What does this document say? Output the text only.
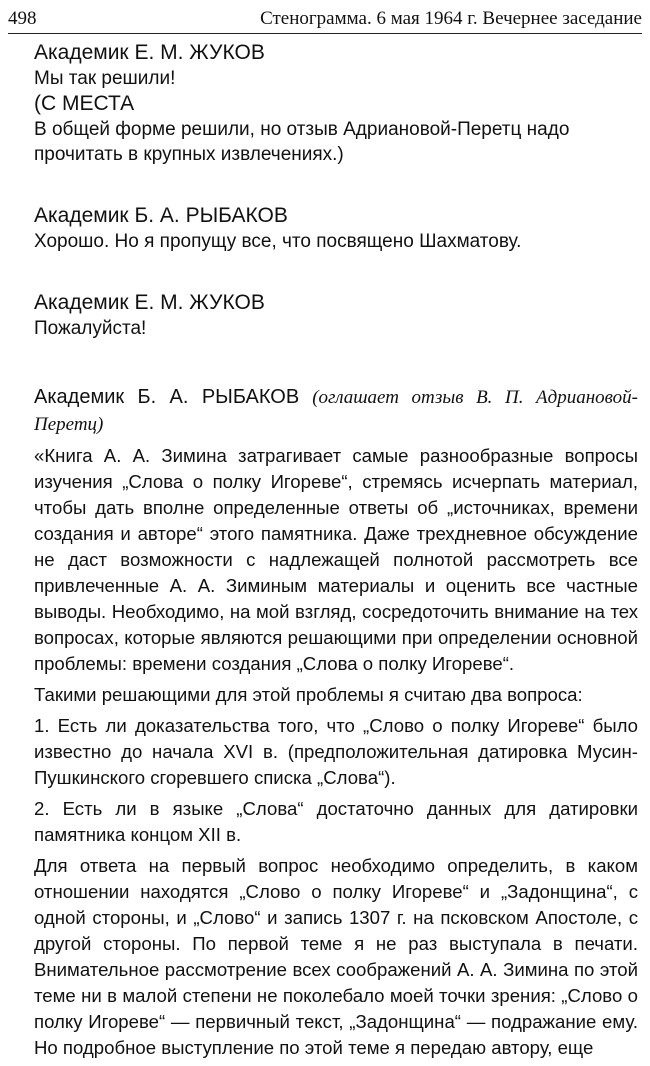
498	Стенограмма. 6 мая 1964 г. Вечернее заседание

Академик Е. М. ЖУКОВ

Мы так решили!

(С МЕСТА

В общей форме решили, но отзыв Адриановой-Перетц надо прочитать в крупных извлечениях.)

Академик Б. А. РЫБАКОВ

Хорошо. Но я пропущу все, что посвящено Шахматову.

Академик Е. М. ЖУКОВ

Пожалуйста!

Академик Б. А. РЫБАКОВ (оглашает отзыв В. П. Адриановой-Перетц)

«Книга А. А. Зимина затрагивает самые разнообразные вопросы изучения „Слова о полку Игореве“, стремясь исчерпать материал, чтобы дать вполне определенные ответы об „источниках, времени создания и авторе“ этого памятника. Даже трехдневное обсуждение не даст возможности с надлежащей полнотой рассмотреть все привлеченные А. А. Зиминым материалы и оценить все частные выводы. Необходимо, на мой взгляд, сосредоточить внимание на тех вопросах, которые являются решающими при определении основной проблемы: времени создания „Слова о полку Игореве“.

Такими решающими для этой проблемы я считаю два вопроса:

1. Есть ли доказательства того, что „Слово о полку Игореве“ было известно до начала XVI в. (предположительная датировка Мусин-Пушкинского сгоревшего списка „Слова“).

2. Есть ли в языке „Слова“ достаточно данных для датировки памятника концом XII в.

Для ответа на первый вопрос необходимо определить, в каком отношении находятся „Слово о полку Игореве“ и „Задонщина“, с одной стороны, и „Слово“ и запись 1307 г. на псковском Апостоле, с другой стороны. По первой теме я не раз выступала в печати. Внимательное рассмотрение всех соображений А. А. Зимина по этой теме ни в малой степени не поколебало моей точки зрения: „Слово о полку Игореве“ — первичный текст, „Задонщина“ — подражание ему. Но подробное выступление по этой теме я передаю автору, еще
